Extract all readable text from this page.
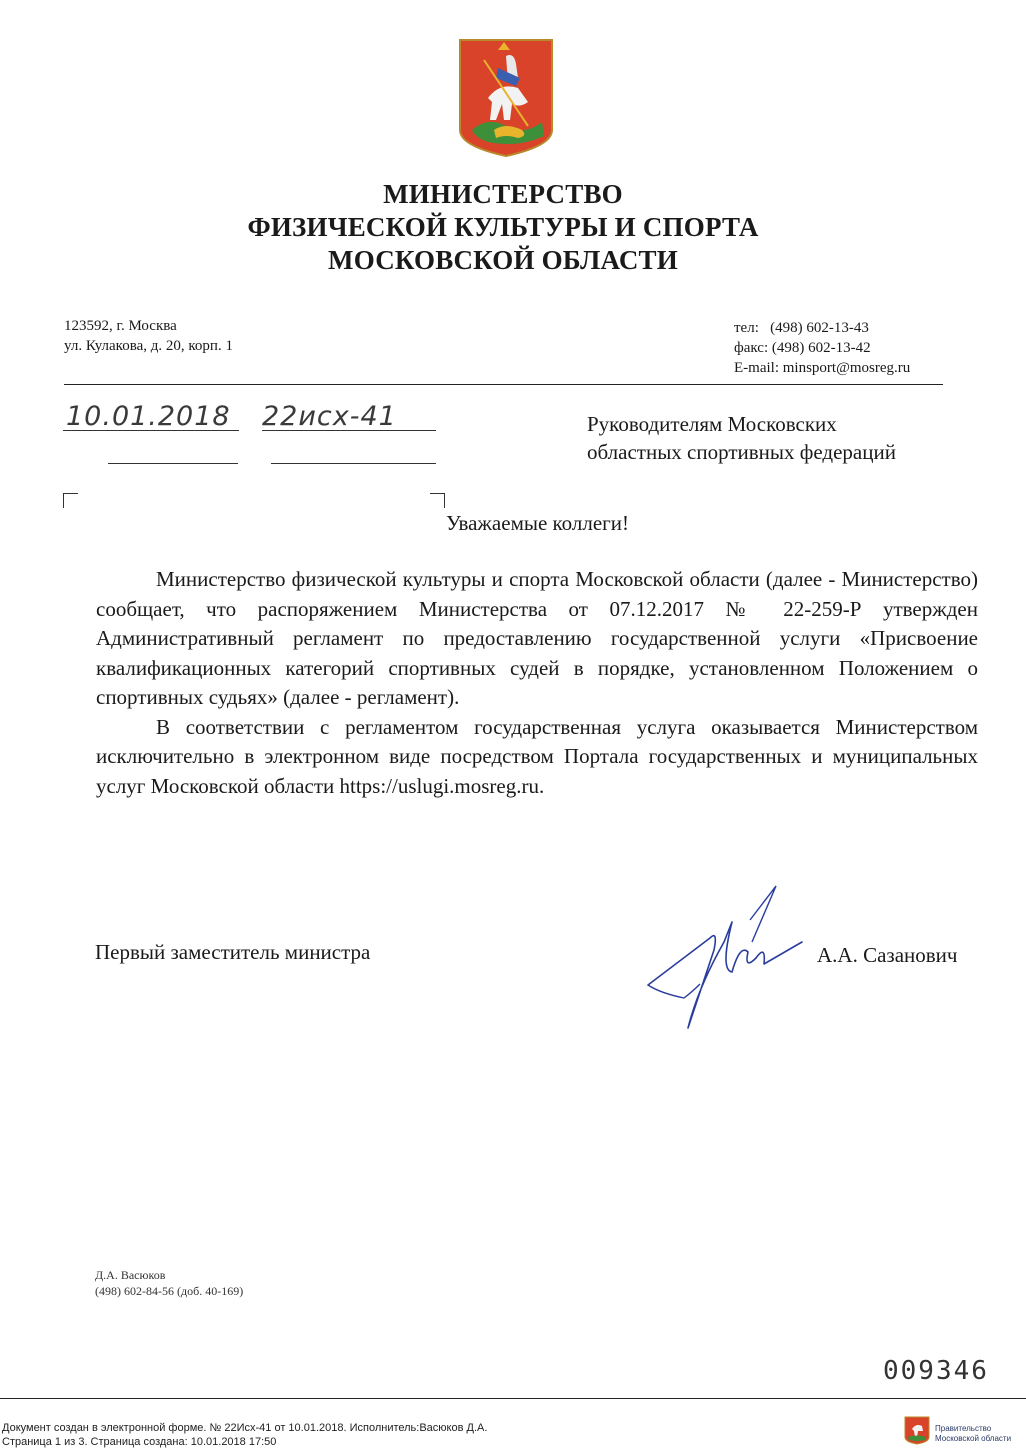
МИНИСТЕРСТВО
ФИЗИЧЕСКОЙ КУЛЬТУРЫ И СПОРТА
МОСКОВСКОЙ ОБЛАСТИ
123592, г. Москва
ул. Кулакова, д. 20, корп. 1
тел:   (498) 602-13-43
факс: (498) 602-13-42
E-mail: minsport@mosreg.ru
10.01.2018 22исх-41	Руководителям Московских
областных спортивных федераций
Уважаемые коллеги!

Министерство физической культуры и спорта Московской области (далее - Министерство) сообщает, что распоряжением Министерства от 07.12.2017 № 22-259-Р утвержден Административный регламент по предоставлению государственной услуги «Присвоение квалификационных категорий спортивных судей в порядке, установленном Положением о спортивных судьях» (далее - регламент).

В соответствии с регламентом государственная услуга оказывается Министерством исключительно в электронном виде посредством Портала государственных и муниципальных услуг Московской области https://uslugi.mosreg.ru.

Первый заместитель министра	А.А. Сазанович
Д.А. Васюков
(498) 602-84-56 (доб. 40-169)
009346
Документ создан в электронной форме. № 22Исх-41 от 10.01.2018. Исполнитель:Васюков Д.А.
Страница 1 из 3. Страница создана: 10.01.2018 17:50
Правительство
Московской области
